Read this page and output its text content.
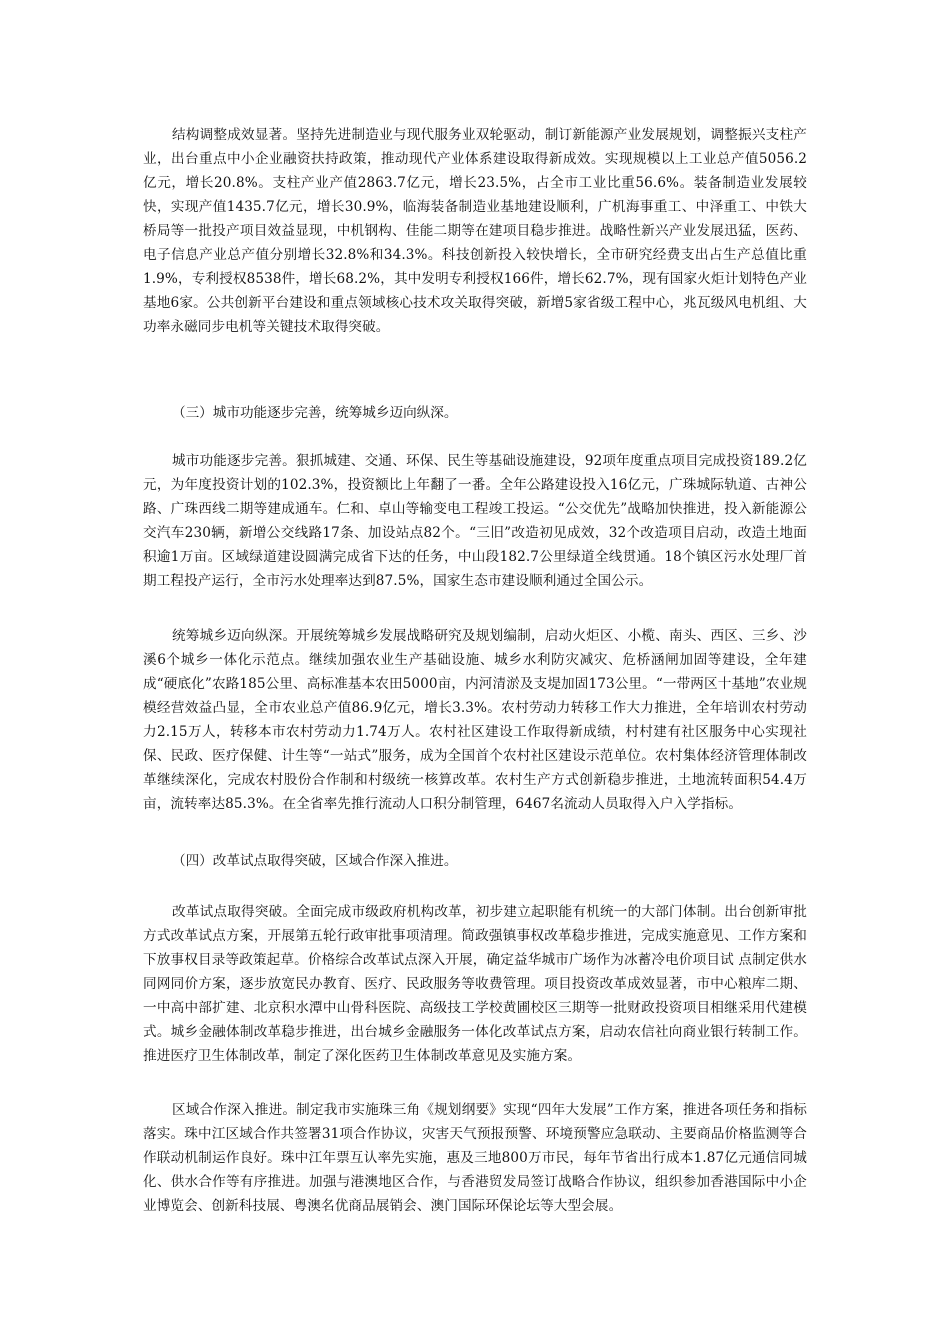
结构调整成效显著。坚持先进制造业与现代服务业双轮驱动，制订新能源产业发展规划，调整振兴支柱产业，出台重点中小企业融资扶持政策，推动现代产业体系建设取得新成效。实现规模以上工业总产值5056.2亿元，增长20.8%。支柱产业产值2863.7亿元，增长23.5%，占全市工业比重56.6%。装备制造业发展较快，实现产值1435.7亿元，增长30.9%，临海装备制造业基地建设顺利，广机海事重工、中泽重工、中铁大桥局等一批投产项目效益显现，中机钢构、佳能二期等在建项目稳步推进。战略性新兴产业发展迅猛，医药、电子信息产业总产值分别增长32.8%和34.3%。科技创新投入较快增长，全市研究经费支出占生产总值比重1.9%，专利授权8538件，增长68.2%，其中发明专利授权166件，增长62.7%，现有国家火炬计划特色产业基地6家。公共创新平台建设和重点领域核心技术攻关取得突破，新增5家省级工程中心，兆瓦级风电机组、大功率永磁同步电机等关键技术取得突破。

（三）城市功能逐步完善，统筹城乡迈向纵深。

城市功能逐步完善。狠抓城建、交通、环保、民生等基础设施建设，92项年度重点项目完成投资189.2亿元，为年度投资计划的102.3%，投资额比上年翻了一番。全年公路建设投入16亿元，广珠城际轨道、古神公路、广珠西线二期等建成通车。仁和、卓山等输变电工程竣工投运。“公交优先”战略加快推进，投入新能源公交汽车230辆，新增公交线路17条、加设站点82个。“三旧”改造初见成效，32个改造项目启动，改造土地面积逾1万亩。区域绿道建设圆满完成省下达的任务，中山段182.7公里绿道全线贯通。18个镇区污水处理厂首期工程投产运行，全市污水处理率达到87.5%，国家生态市建设顺利通过全国公示。

统筹城乡迈向纵深。开展统筹城乡发展战略研究及规划编制，启动火炬区、小榄、南头、西区、三乡、沙溪6个城乡一体化示范点。继续加强农业生产基础设施、城乡水利防灾减灾、危桥涵闸加固等建设，全年建成“硬底化”农路185公里、高标准基本农田5000亩，内河清淤及支堤加固173公里。“一带两区十基地”农业规模经营效益凸显，全市农业总产值86.9亿元，增长3.3%。农村劳动力转移工作大力推进，全年培训农村劳动力2.15万人，转移本市农村劳动力1.74万人。农村社区建设工作取得新成绩，村村建有社区服务中心实现社保、民政、医疗保健、计生等“一站式”服务，成为全国首个农村社区建设示范单位。农村集体经济管理体制改革继续深化，完成农村股份合作制和村级统一核算改革。农村生产方式创新稳步推进，土地流转面积54.4万亩，流转率达85.3%。在全省率先推行流动人口积分制管理，6467名流动人员取得入户入学指标。

（四）改革试点取得突破，区域合作深入推进。

改革试点取得突破。全面完成市级政府机构改革，初步建立起职能有机统一的大部门体制。出台创新审批方式改革试点方案，开展第五轮行政审批事项清理。简政强镇事权改革稳步推进，完成实施意见、工作方案和下放事权目录等政策起草。价格综合改革试点深入开展，确定益华城市广场作为冰蓄冷电价项目试 点制定供水同网同价方案，逐步放宽民办教育、医疗、民政服务等收费管理。项目投资改革成效显著，市中心粮库二期、一中高中部扩建、北京积水潭中山骨科医院、高级技工学校黄圃校区三期等一批财政投资项目相继采用代建模式。城乡金融体制改革稳步推进，出台城乡金融服务一体化改革试点方案，启动农信社向商业银行转制工作。推进医疗卫生体制改革，制定了深化医药卫生体制改革意见及实施方案。

区域合作深入推进。制定我市实施珠三角《规划纲要》实现“四年大发展”工作方案，推进各项任务和指标落实。珠中江区域合作共签署31项合作协议，灾害天气预报预警、环境预警应急联动、主要商品价格监测等合作联动机制运作良好。珠中江年票互认率先实施，惠及三地800万市民，每年节省出行成本1.87亿元通信同城化、供水合作等有序推进。加强与港澳地区合作，与香港贸发局签订战略合作协议，组织参加香港国际中小企业博览会、创新科技展、粤澳名优商品展销会、澳门国际环保论坛等大型会展。
